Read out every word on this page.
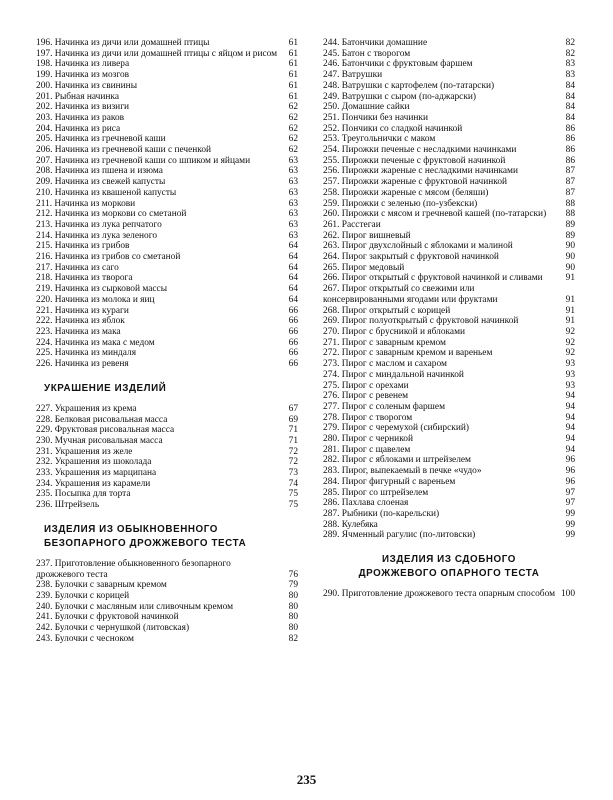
196. Начинка из дичи или домашней птицы	61
197. Начинка из дичи или домашней птицы с яйцом и рисом	61
198. Начинка из ливера	61
199. Начинка из мозгов	61
200. Начинка из свинины	61
201. Рыбная начинка	61
202. Начинка из визиги	62
203. Начинка из раков	62
204. Начинка из риса	62
205. Начинка из гречневой каши	62
206. Начинка из гречневой каши с печенкой	62
207. Начинка из гречневой каши со шпиком и яйцами	63
208. Начинка из пшена и изюма	63
209. Начинка из свежей капусты	63
210. Начинка из квашеной капусты	63
211. Начинка из моркови	63
212. Начинка из моркови со сметаной	63
213. Начинка из лука репчатого	63
214. Начинка из лука зеленого	63
215. Начинка из грибов	64
216. Начинка из грибов со сметаной	64
217. Начинка из саго	64
218. Начинка из творога	64
219. Начинка из сырковой массы	64
220. Начинка из молока и яиц	64
221. Начинка из кураги	66
222. Начинка из яблок	66
223. Начинка из мака	66
224. Начинка из мака с медом	66
225. Начинка из миндаля	66
226. Начинка из ревеня	66
УКРАШЕНИЕ ИЗДЕЛИЙ
227. Украшения из крема	67
228. Белковая рисовальная масса	69
229. Фруктовая рисовальная масса	71
230. Мучная рисовальная масса	71
231. Украшения из желе	72
232. Украшения из шоколада	72
233. Украшения из марципана	73
234. Украшения из карамели	74
235. Посыпка для торта	75
236. Штрейзель	75
ИЗДЕЛИЯ ИЗ ОБЫКНОВЕННОГО
БЕЗОПАРНОГО ДРОЖЖЕВОГО ТЕСТА
237. Приготовление обыкновенного безопарного дрожжевого теста	76
238. Булочки с заварным кремом	79
239. Булочки с корицей	80
240. Булочки с масляным или сливочным кремом	80
241. Булочки с фруктовой начинкой	80
242. Булочки с чернушкой (литовская)	80
243. Булочки с чесноком	82
244. Батончики домашние	82
245. Батон с творогом	82
246. Батончики с фруктовым фаршем	83
247. Ватрушки	83
248. Ватрушки с картофелем (по-татарски)	84
249. Ватрушки с сыром (по-аджарски)	84
250. Домашние сайки	84
251. Пончики без начинки	84
252. Пончики со сладкой начинкой	86
253. Треугольнички с маком	86
254. Пирожки печеные с несладкими начинками	86
255. Пирожки печеные с фруктовой начинкой	86
256. Пирожки жареные с несладкими начинками	87
257. Пирожки жареные с фруктовой начинкой	87
258. Пирожки жареные с мясом (беляши)	87
259. Пирожки с зеленью (по-узбекски)	88
260. Пирожки с мясом и гречневой кашей (по-татарски)	88
261. Расстегаи	89
262. Пирог вишневый	89
263. Пирог двухслойный с яблоками и малиной	90
264. Пирог закрытый с фруктовой начинкой	90
265. Пирог медовый	90
266. Пирог открытый с фруктовой начинкой и сливами	91
267. Пирог открытый со свежими или консервированными ягодами или фруктами	91
268. Пирог открытый с корицей	91
269. Пирог полуоткрытый с фруктовой начинкой	91
270. Пирог с брусникой и яблоками	92
271. Пирог с заварным кремом	92
272. Пирог с заварным кремом и вареньем	92
273. Пирог с маслом и сахаром	93
274. Пирог с миндальной начинкой	93
275. Пирог с орехами	93
276. Пирог с ревенем	94
277. Пирог с соленым фаршем	94
278. Пирог с творогом	94
279. Пирог с черемухой (сибирский)	94
280. Пирог с черникой	94
281. Пирог с щавелем	94
282. Пирог с яблоками и штрейзелем	96
283. Пирог, выпекаемый в печке «чудо»	96
284. Пирог фигурный с вареньем	96
285. Пирог со штрейзелем	97
286. Пахлава слоеная	97
287. Рыбники (по-карельски)	99
288. Кулебяка	99
289. Ячменный рагулис (по-литовски)	99
ИЗДЕЛИЯ ИЗ СДОБНОГО
ДРОЖЖЕВОГО ОПАРНОГО ТЕСТА
290. Приготовление дрожжевого теста опарным способом 100
235
